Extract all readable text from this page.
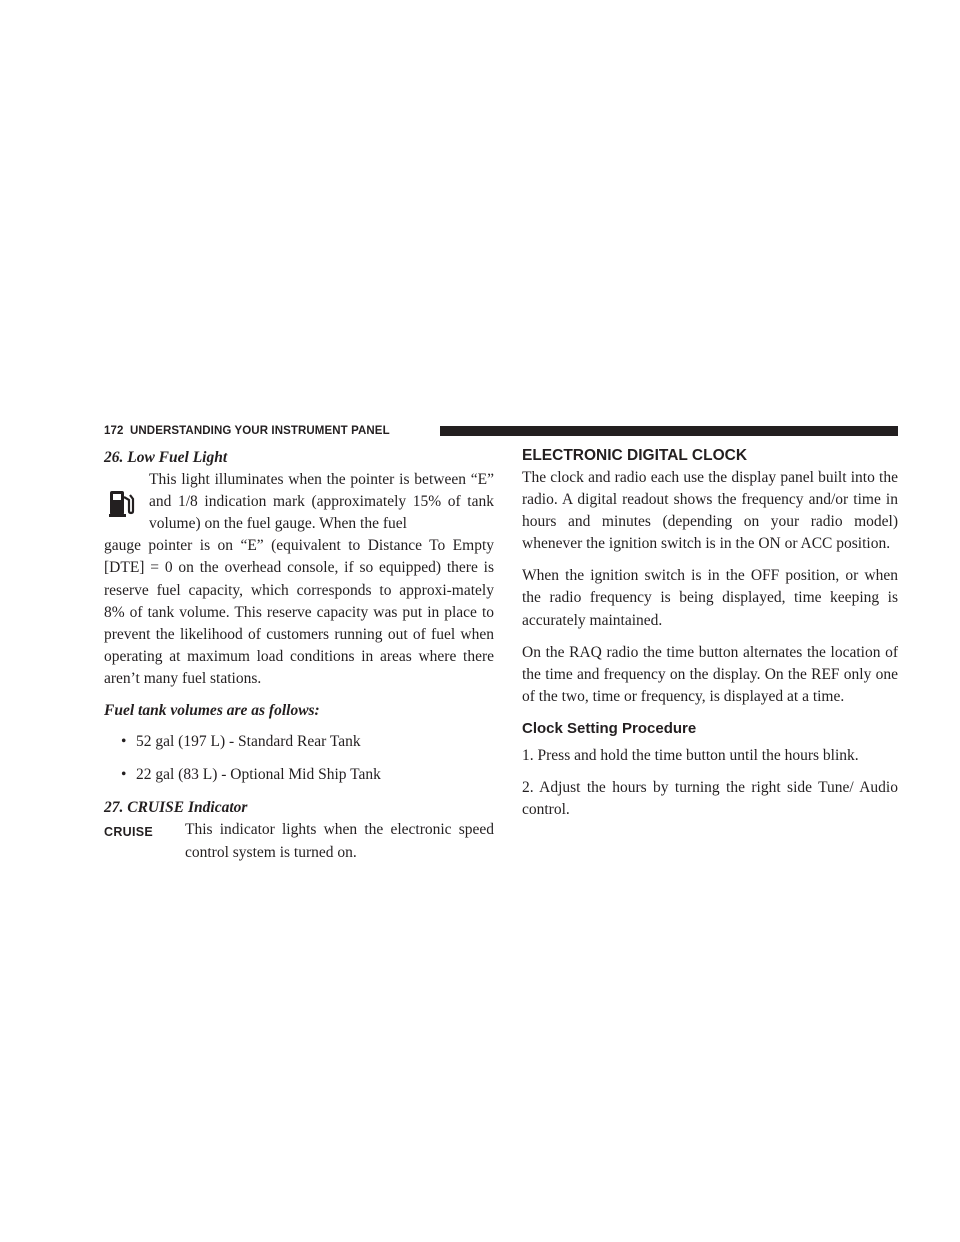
172 UNDERSTANDING YOUR INSTRUMENT PANEL

26. Low Fuel Light

This light illuminates when the pointer is between “E” and 1/8 indication mark (approximately 15% of tank volume) on the fuel gauge. When the fuel

gauge pointer is on “E” (equivalent to Distance To Empty [DTE] = 0 on the overhead console, if so equipped) there is reserve fuel capacity, which corresponds to approxi-mately 8% of tank volume. This reserve capacity was put in place to prevent the likelihood of customers running out of fuel when operating at maximum load conditions in areas where there aren’t many fuel stations.

Fuel tank volumes are as follows:

• 52 gal (197 L) - Standard Rear Tank
• 22 gal (83 L) - Optional Mid Ship Tank

27. CRUISE Indicator

CRUISE This indicator lights when the electronic speed control system is turned on.

ELECTRONIC DIGITAL CLOCK

The clock and radio each use the display panel built into the radio. A digital readout shows the frequency and/or time in hours and minutes (depending on your radio model) whenever the ignition switch is in the ON or ACC position.

When the ignition switch is in the OFF position, or when the radio frequency is being displayed, time keeping is accurately maintained.

On the RAQ radio the time button alternates the location of the time and frequency on the display. On the REF only one of the two, time or frequency, is displayed at a time.

Clock Setting Procedure

1. Press and hold the time button until the hours blink.

2. Adjust the hours by turning the right side Tune/ Audio control.
